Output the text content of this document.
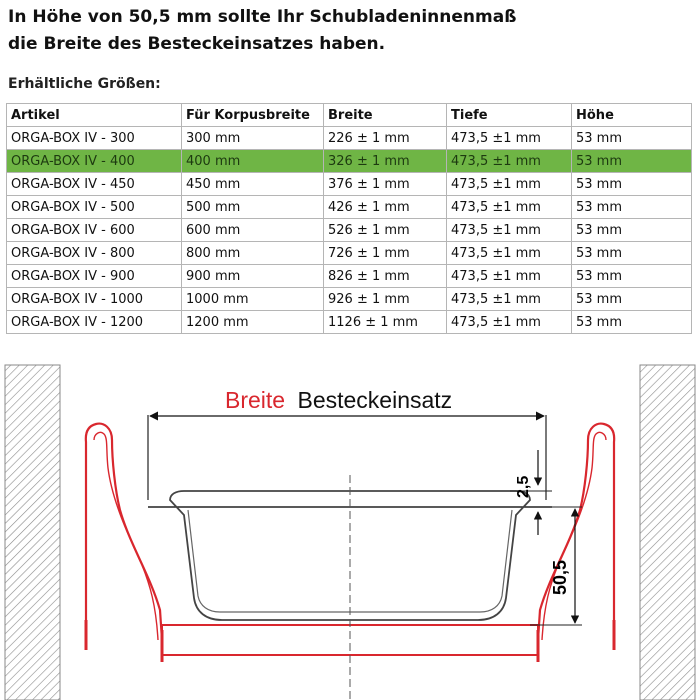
In Höhe von 50,5 mm sollte Ihr Schubladeninnenmaß
die Breite des Besteckeinsatzes haben.
Erhältliche Größen:
Artikel	Für Korpusbreite	Breite	Tiefe	Höhe
ORGA-BOX IV - 300	300 mm	226 ± 1 mm	473,5 ±1 mm	53 mm
ORGA-BOX IV - 400	400 mm	326 ± 1 mm	473,5 ±1 mm	53 mm
ORGA-BOX IV - 450	450 mm	376 ± 1 mm	473,5 ±1 mm	53 mm
ORGA-BOX IV - 500	500 mm	426 ± 1 mm	473,5 ±1 mm	53 mm
ORGA-BOX IV - 600	600 mm	526 ± 1 mm	473,5 ±1 mm	53 mm
ORGA-BOX IV - 800	800 mm	726 ± 1 mm	473,5 ±1 mm	53 mm
ORGA-BOX IV - 900	900 mm	826 ± 1 mm	473,5 ±1 mm	53 mm
ORGA-BOX IV - 1000	1000 mm	926 ± 1 mm	473,5 ±1 mm	53 mm
ORGA-BOX IV - 1200	1200 mm	1126 ± 1 mm	473,5 ±1 mm	53 mm
Breite Besteckeinsatz
2,5
50,5
